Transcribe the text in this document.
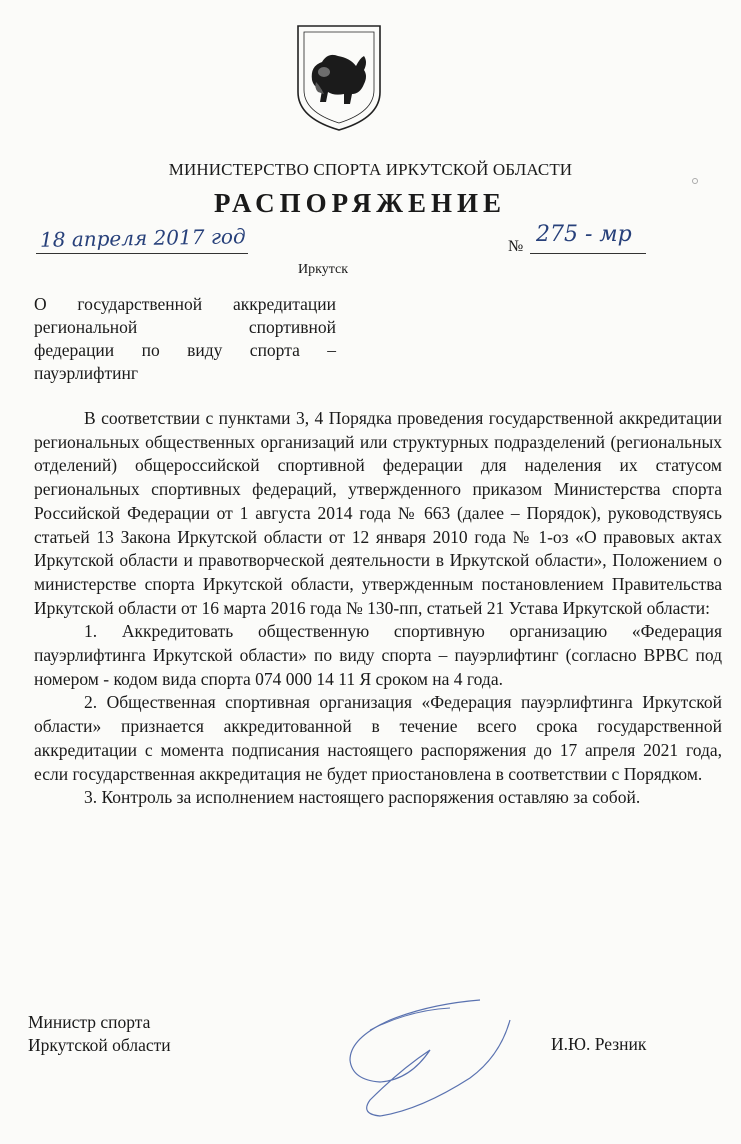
МИНИСТЕРСТВО СПОРТА ИРКУТСКОЙ ОБЛАСТИ
РАСПОРЯЖЕНИЕ
18 апреля 2017 год	№ 275 - мр
Иркутск
О государственной аккредитации
региональной спортивной
федерации по виду спорта –
пауэрлифтинг

В соответствии с пунктами 3, 4 Порядка проведения государственной аккредитации региональных общественных организаций или структурных подразделений (региональных отделений) общероссийской спортивной федерации для наделения их статусом региональных спортивных федераций, утвержденного приказом Министерства спорта Российской Федерации от 1 августа 2014 года № 663 (далее – Порядок), руководствуясь статьей 13 Закона Иркутской области от 12 января 2010 года № 1-оз «О правовых актах Иркутской области и правотворческой деятельности в Иркутской области», Положением о министерстве спорта Иркутской области, утвержденным постановлением Правительства Иркутской области от 16 марта 2016 года № 130-пп, статьей 21 Устава Иркутской области:

1. Аккредитовать общественную спортивную организацию «Федерация пауэрлифтинга Иркутской области» по виду спорта – пауэрлифтинг (согласно ВРВС под номером - кодом вида спорта 074 000 14 11 Я сроком на 4 года.

2. Общественная спортивная организация «Федерация пауэрлифтинга Иркутской области» признается аккредитованной в течение всего срока государственной аккредитации с момента подписания настоящего распоряжения до 17 апреля 2021 года, если государственная аккредитация не будет приостановлена в соответствии с Порядком.

3. Контроль за исполнением настоящего распоряжения оставляю за собой.

Министр спорта
Иркутской области	И.Ю. Резник
